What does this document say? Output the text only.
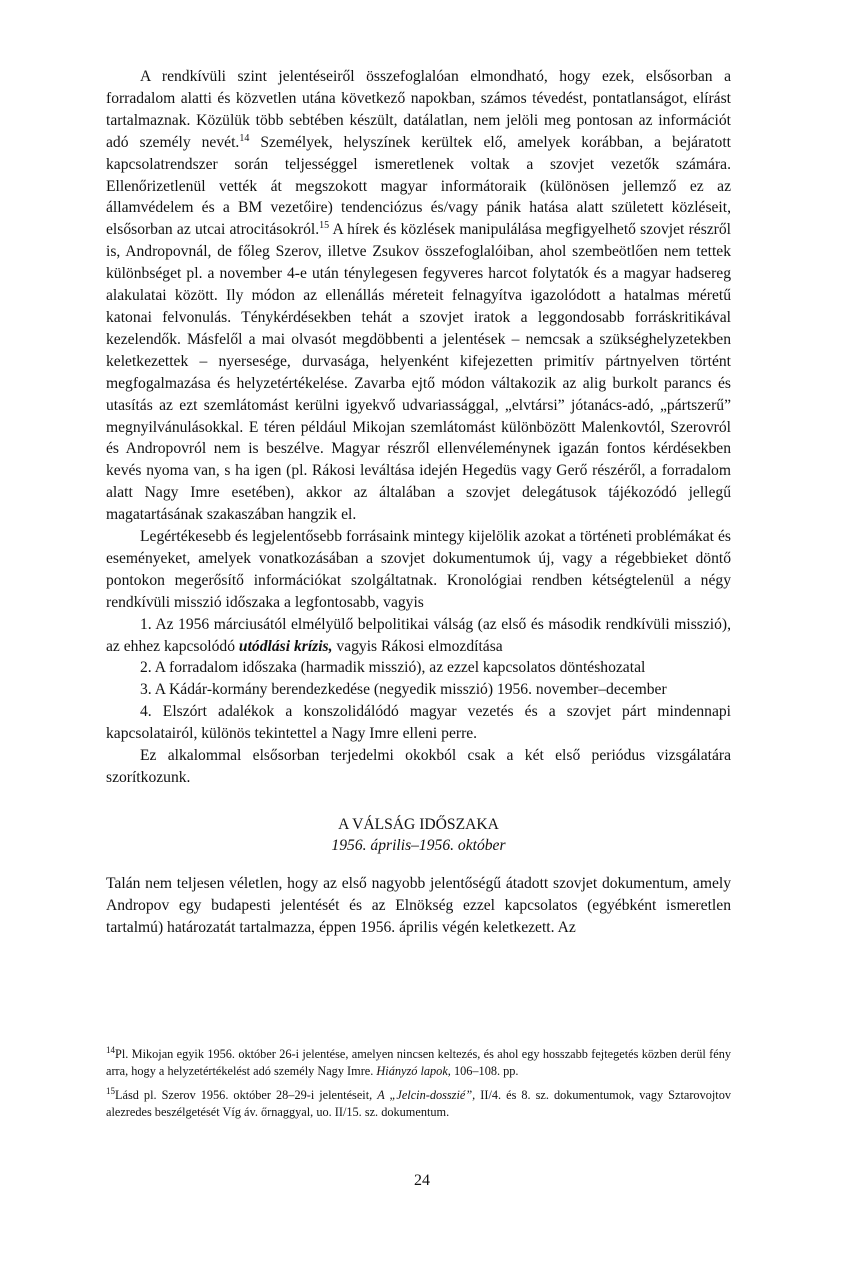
A rendkívüli szint jelentéseiről összefoglalóan elmondható, hogy ezek, elsősorban a forradalom alatti és közvetlen utána következő napokban, számos tévedést, pontatlanságot, elírást tartalmaznak. Közülük több sebtében készült, datálatlan, nem jelöli meg pontosan az információt adó személy nevét.$^{14}$ Személyek, helyszínek kerültek elő, amelyek korábban, a bejáratott kapcsolatrendszer során teljességgel ismeretlenek voltak a szovjet vezetők számára. Ellenőrizetlenül vették át megszokott magyar informátoraik (különösen jellemző ez az államvédelem és a BM vezetőire) tendenciózus és/vagy pánik hatása alatt született közléseit, elsősorban az utcai atrocitásokról.$^{15}$ A hírek és közlések manipulálása megfigyelhető szovjet részről is, Andropovnál, de főleg Szerov, illetve Zsukov összefoglalóiban, ahol szembeötlően nem tettek különbséget pl. a november 4-e után ténylegesen fegyveres harcot folytatók és a magyar hadsereg alakulatai között. Ily módon az ellenállás méreteit felnagyítva igazolódott a hatalmas méretű katonai felvonulás. Ténykérdésekben tehát a szovjet iratok a leggondosabb forráskritikával kezelendők. Másfelől a mai olvasót megdöbbenti a jelentések – nemcsak a szükséghelyzetekben keletkezettek – nyersesége, durvasága, helyenként kifejezetten primitív pártnyelven történt megfogalmazása és helyzetértékelése. Zavarba ejtő módon váltakozik az alig burkolt parancs és utasítás az ezt szemlátomást kerülni igyekvő udvariassággal, „elvtársi” jótanács-adó, „pártszerű” megnyilvánulásokkal. E téren például Mikojan szemlátomást különbözött Malenkovtól, Szerovról és Andropovról nem is beszélve. Magyar részről ellenvéleménynek igazán fontos kérdésekben kevés nyoma van, s ha igen (pl. Rákosi leváltása idején Hegedüs vagy Gerő részéről, a forradalom alatt Nagy Imre esetében), akkor az általában a szovjet delegátusok tájékozódó jellegű magatartásának szakaszában hangzik el.

Legértékesebb és legjelentősebb forrásaink mintegy kijelölik azokat a történeti problémákat és eseményeket, amelyek vonatkozásában a szovjet dokumentumok új, vagy a régebbieket döntő pontokon megerősítő információkat szolgáltatnak. Kronológiai rendben kétségtelenül a négy rendkívüli misszió időszaka a legfontosabb, vagyis

1. Az 1956 márciusától elmélyülő belpolitikai válság (az első és második rendkívüli misszió), az ehhez kapcsolódó utódlási krízis, vagyis Rákosi elmozdítása

2. A forradalom időszaka (harmadik misszió), az ezzel kapcsolatos döntéshozatal

3. A Kádár-kormány berendezkedése (negyedik misszió) 1956. november–december

4. Elszórt adalékok a konszolidálódó magyar vezetés és a szovjet párt mindennapi kapcsolatairól, különös tekintettel a Nagy Imre elleni perre.

Ez alkalommal elsősorban terjedelmi okokból csak a két első periódus vizsgálatára szorítkozunk.

A VÁLSÁG IDŐSZAKA

1956. április–1956. október

Talán nem teljesen véletlen, hogy az első nagyobb jelentőségű átadott szovjet dokumentum, amely Andropov egy budapesti jelentését és az Elnökség ezzel kapcsolatos (egyébként ismeretlen tartalmú) határozatát tartalmazza, éppen 1956. április végén keletkezett. Az

$^{14}$Pl. Mikojan egyik 1956. október 26-i jelentése, amelyen nincsen keltezés, és ahol egy hosszabb fejtegetés közben derül fény arra, hogy a helyzetértékelést adó személy Nagy Imre. Hiányzó lapok, 106–108. pp.

$^{15}$Lásd pl. Szerov 1956. október 28–29-i jelentéseit, A „Jelcin-dosszié”, II/4. és 8. sz. dokumentumok, vagy Sztarovojtov alezredes beszélgetését Víg áv. őrnaggyal, uo. II/15. sz. dokumentum.

24
